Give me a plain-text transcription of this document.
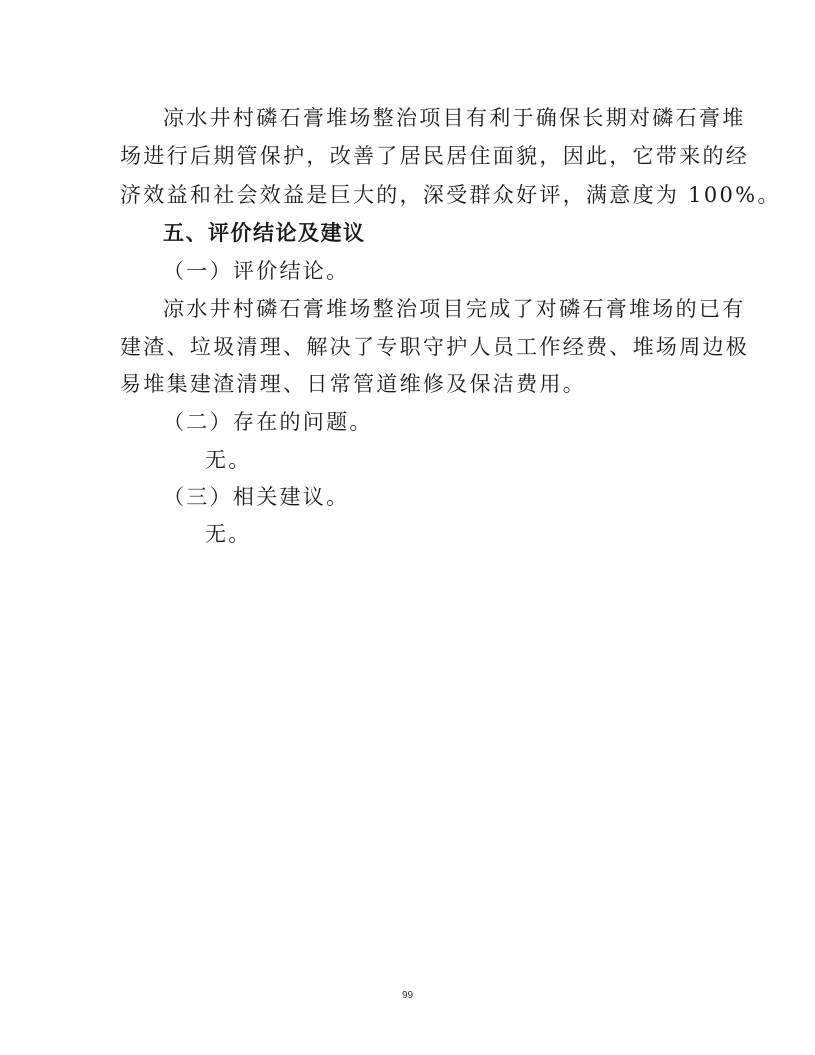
凉水井村磷石膏堆场整治项目有利于确保长期对磷石膏堆
场进行后期管保护，改善了居民居住面貌，因此，它带来的经
济效益和社会效益是巨大的，深受群众好评，满意度为 100%。
五、评价结论及建议
（一）评价结论。
凉水井村磷石膏堆场整治项目完成了对磷石膏堆场的已有
建渣、垃圾清理、解决了专职守护人员工作经费、堆场周边极
易堆集建渣清理、日常管道维修及保洁费用。
（二）存在的问题。
无。
（三）相关建议。
无。
99
